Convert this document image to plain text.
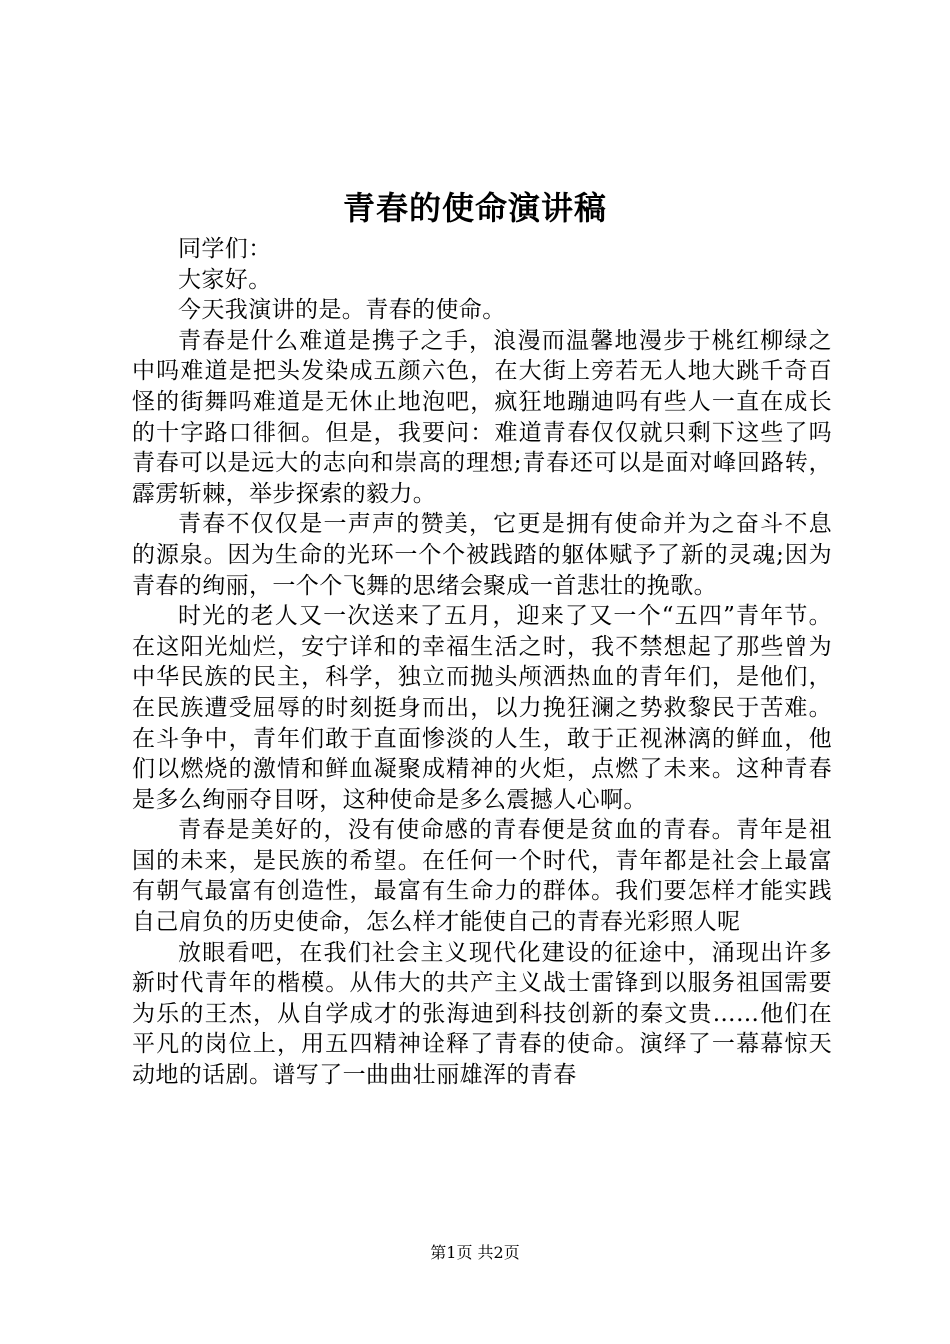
青春的使命演讲稿

同学们：

大家好。

今天我演讲的是。青春的使命。

青春是什么难道是携子之手，浪漫而温馨地漫步于桃红柳绿之中吗难道是把头发染成五颜六色，在大街上旁若无人地大跳千奇百怪的街舞吗难道是无休止地泡吧，疯狂地蹦迪吗有些人一直在成长的十字路口徘徊。但是，我要问：难道青春仅仅就只剩下这些了吗青春可以是远大的志向和崇高的理想;青春还可以是面对峰回路转，霹雳斩棘，举步探索的毅力。

青春不仅仅是一声声的赞美，它更是拥有使命并为之奋斗不息的源泉。因为生命的光环一个个被践踏的躯体赋予了新的灵魂;因为青春的绚丽，一个个飞舞的思绪会聚成一首悲壮的挽歌。

时光的老人又一次送来了五月，迎来了又一个“五四”青年节。在这阳光灿烂，安宁详和的幸福生活之时，我不禁想起了那些曾为中华民族的民主，科学，独立而抛头颅洒热血的青年们，是他们，在民族遭受屈辱的时刻挺身而出，以力挽狂澜之势救黎民于苦难。在斗争中，青年们敢于直面惨淡的人生，敢于正视淋漓的鲜血，他们以燃烧的激情和鲜血凝聚成精神的火炬，点燃了未来。这种青春是多么绚丽夺目呀，这种使命是多么震撼人心啊。

青春是美好的，没有使命感的青春便是贫血的青春。青年是祖国的未来，是民族的希望。在任何一个时代，青年都是社会上最富有朝气最富有创造性，最富有生命力的群体。我们要怎样才能实践自己肩负的历史使命，怎么样才能使自己的青春光彩照人呢

放眼看吧，在我们社会主义现代化建设的征途中，涌现出许多新时代青年的楷模。从伟大的共产主义战士雷锋到以服务祖国需要为乐的王杰，从自学成才的张海迪到科技创新的秦文贵……他们在平凡的岗位上，用五四精神诠释了青春的使命。演绎了一幕幕惊天动地的话剧。谱写了一曲曲壮丽雄浑的青春

第1页 共2页
